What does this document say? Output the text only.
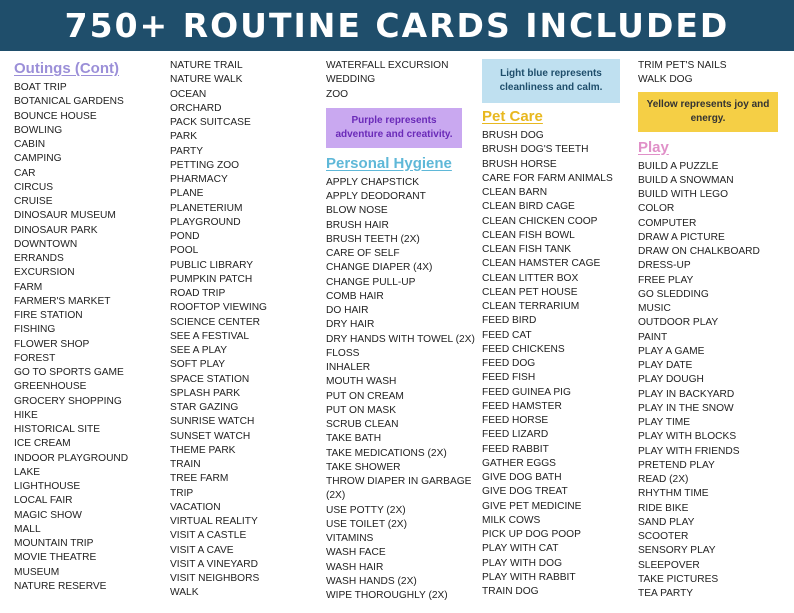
750+ ROUTINE CARDS INCLUDED
Outings (Cont)
BOAT TRIP
BOTANICAL GARDENS
BOUNCE HOUSE
BOWLING
CABIN
CAMPING
CAR
CIRCUS
CRUISE
DINOSAUR MUSEUM
DINOSAUR PARK
DOWNTOWN
ERRANDS
EXCURSION
FARM
FARMER'S MARKET
FIRE STATION
FISHING
FLOWER SHOP
FOREST
GO TO SPORTS GAME
GREENHOUSE
GROCERY SHOPPING
HIKE
HISTORICAL SITE
ICE CREAM
INDOOR PLAYGROUND
LAKE
LIGHTHOUSE
LOCAL FAIR
MAGIC SHOW
MALL
MOUNTAIN TRIP
MOVIE THEATRE
MUSEUM
NATURE RESERVE
NATURE TRAIL
NATURE WALK
OCEAN
ORCHARD
PACK SUITCASE
PARK
PARTY
PETTING ZOO
PHARMACY
PLANE
PLANETERIUM
PLAYGROUND
POND
POOL
PUBLIC LIBRARY
PUMPKIN PATCH
ROAD TRIP
ROOFTOP VIEWING
SCIENCE CENTER
SEE A FESTIVAL
SEE A PLAY
SOFT PLAY
SPACE STATION
SPLASH PARK
STAR GAZING
SUNRISE WATCH
SUNSET WATCH
THEME PARK
TRAIN
TREE FARM
TRIP
VACATION
VIRTUAL REALITY
VISIT A CASTLE
VISIT A CAVE
VISIT A VINEYARD
VISIT NEIGHBORS
WALK
WATERFALL EXCURSION
WEDDING
ZOO
Purple represents adventure and creativity.
Personal Hygiene
APPLY CHAPSTICK
APPLY DEODORANT
BLOW NOSE
BRUSH HAIR
BRUSH TEETH (2X)
CARE OF SELF
CHANGE DIAPER (4X)
CHANGE PULL-UP
COMB HAIR
DO HAIR
DRY HAIR
DRY HANDS WITH TOWEL (2X)
FLOSS
INHALER
MOUTH WASH
PUT ON CREAM
PUT ON MASK
SCRUB CLEAN
TAKE BATH
TAKE MEDICATIONS (2X)
TAKE SHOWER
THROW DIAPER IN GARBAGE (2X)
USE POTTY (2X)
USE TOILET (2X)
VITAMINS
WASH FACE
WASH HAIR
WASH HANDS (2X)
WIPE THOROUGHLY (2X)
Light blue represents cleanliness and calm.
Pet Care
BRUSH DOG
BRUSH DOG'S TEETH
BRUSH HORSE
CARE FOR FARM ANIMALS
CLEAN BARN
CLEAN BIRD CAGE
CLEAN CHICKEN COOP
CLEAN FISH BOWL
CLEAN FISH TANK
CLEAN HAMSTER CAGE
CLEAN LITTER BOX
CLEAN PET HOUSE
CLEAN TERRARIUM
FEED BIRD
FEED CAT
FEED CHICKENS
FEED DOG
FEED FISH
FEED GUINEA PIG
FEED HAMSTER
FEED HORSE
FEED LIZARD
FEED RABBIT
GATHER EGGS
GIVE DOG BATH
GIVE DOG TREAT
GIVE PET MEDICINE
MILK COWS
PICK UP DOG POOP
PLAY WITH CAT
PLAY WITH DOG
PLAY WITH RABBIT
TRAIN DOG
TRIM PET'S NAILS
WALK DOG
Yellow represents joy and energy.
Play
BUILD A PUZZLE
BUILD A SNOWMAN
BUILD WITH LEGO
COLOR
COMPUTER
DRAW A PICTURE
DRAW ON CHALKBOARD
DRESS-UP
FREE PLAY
GO SLEDDING
MUSIC
OUTDOOR PLAY
PAINT
PLAY A GAME
PLAY DATE
PLAY DOUGH
PLAY IN BACKYARD
PLAY IN THE SNOW
PLAY TIME
PLAY WITH BLOCKS
PLAY WITH FRIENDS
PRETEND PLAY
READ (2X)
RHYTHM TIME
RIDE BIKE
SAND PLAY
SCOOTER
SENSORY PLAY
SLEEPOVER
TAKE PICTURES
TEA PARTY
